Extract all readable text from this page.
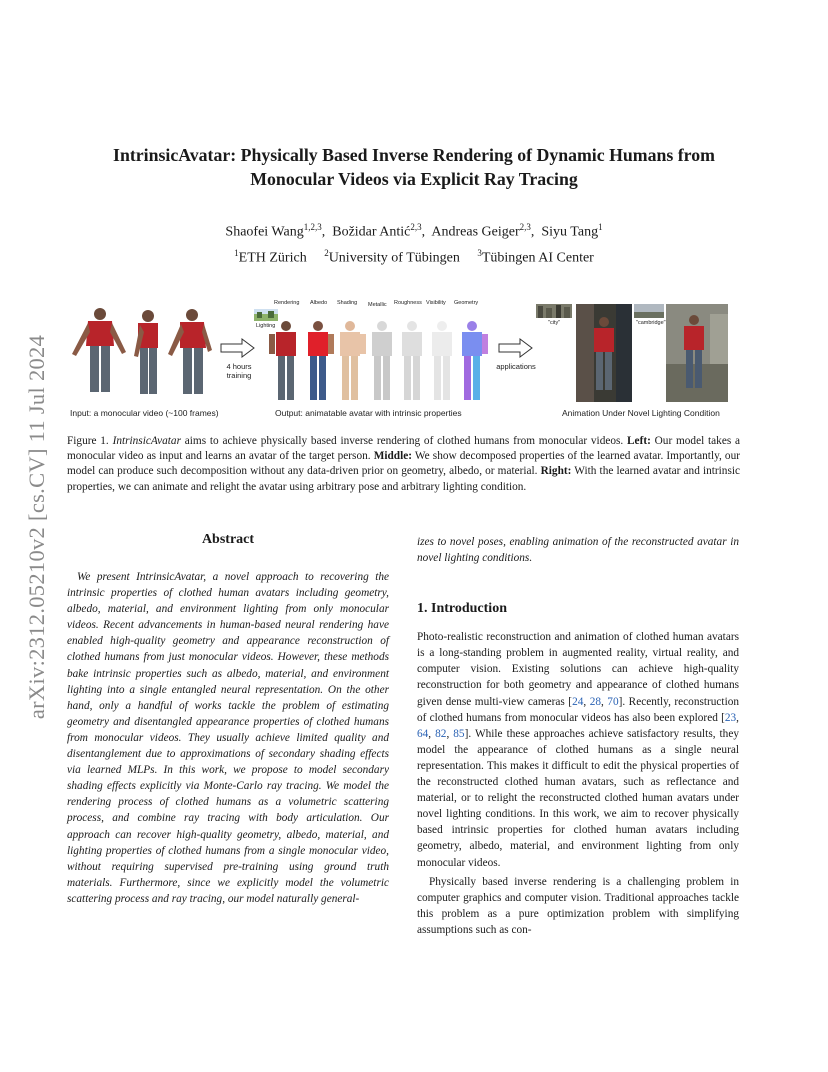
arXiv:2312.05210v2 [cs.CV] 11 Jul 2024
IntrinsicAvatar: Physically Based Inverse Rendering of Dynamic Humans from
Monocular Videos via Explicit Ray Tracing
Shaofei Wang$^{1,2,3}$,  Božidar Antić$^{2,3}$,  Andreas Geiger$^{2,3}$,  Siyu Tang$^1$
$^1$ETH Zürich $^2$University of Tübingen $^3$Tübingen AI Center
Input: a monocular video (~100 frames)
4 hours training
Rendering Albedo Shading Metallic Roughness Visibility Geometry
Lighting
Output: animatable avatar with intrinsic properties
applications
"city"	"cambridge"
Animation Under Novel Lighting Condition
Figure 1. IntrinsicAvatar aims to achieve physically based inverse rendering of clothed humans from monocular videos. Left: Our model takes a monocular video as input and learns an avatar of the target person. Middle: We show decomposed properties of the learned avatar. Importantly, our model can produce such decomposition without any data-driven prior on geometry, albedo, or material. Right: With the learned avatar and intrinsic properties, we can animate and relight the avatar using arbitrary pose and arbitrary lighting condition.
Abstract

We present IntrinsicAvatar, a novel approach to recovering the intrinsic properties of clothed human avatars including geometry, albedo, material, and environment lighting from only monocular videos. Recent advancements in human-based neural rendering have enabled high-quality geometry and appearance reconstruction of clothed humans from just monocular videos. However, these methods bake intrinsic properties such as albedo, material, and environment lighting into a single entangled neural representation. On the other hand, only a handful of works tackle the problem of estimating geometry and disentangled appearance properties of clothed humans from monocular videos. They usually achieve limited quality and disentanglement due to approximations of secondary shading effects via learned MLPs. In this work, we propose to model secondary shading effects explicitly via Monte-Carlo ray tracing. We model the rendering process of clothed humans as a volumetric scattering process, and combine ray tracing with body articulation. Our approach can recover high-quality geometry, albedo, material, and lighting properties of clothed humans from a single monocular video, without requiring supervised pre-training using ground truth materials. Furthermore, since we explicitly model the volumetric scattering process and ray tracing, our model naturally general-

izes to novel poses, enabling animation of the reconstructed avatar in novel lighting conditions.

1. Introduction

Photo-realistic reconstruction and animation of clothed human avatars is a long-standing problem in augmented reality, virtual reality, and computer vision. Existing solutions can achieve high-quality reconstruction for both geometry and appearance of clothed humans given dense multi-view cameras [24, 28, 70]. Recently, reconstruction of clothed humans from monocular videos has also been explored [23, 64, 82, 85]. While these approaches achieve satisfactory results, they model the appearance of clothed humans as a single neural representation. This makes it difficult to edit the physical properties of the reconstructed clothed human avatars, such as reflectance and material, or to relight the reconstructed clothed human avatars under novel lighting conditions. In this work, we aim to recover physically based intrinsic properties for clothed human avatars including geometry, albedo, material, and environment lighting from only monocular videos.

Physically based inverse rendering is a challenging problem in computer graphics and computer vision. Traditional approaches tackle this problem as a pure optimization problem with simplifying assumptions such as con-
